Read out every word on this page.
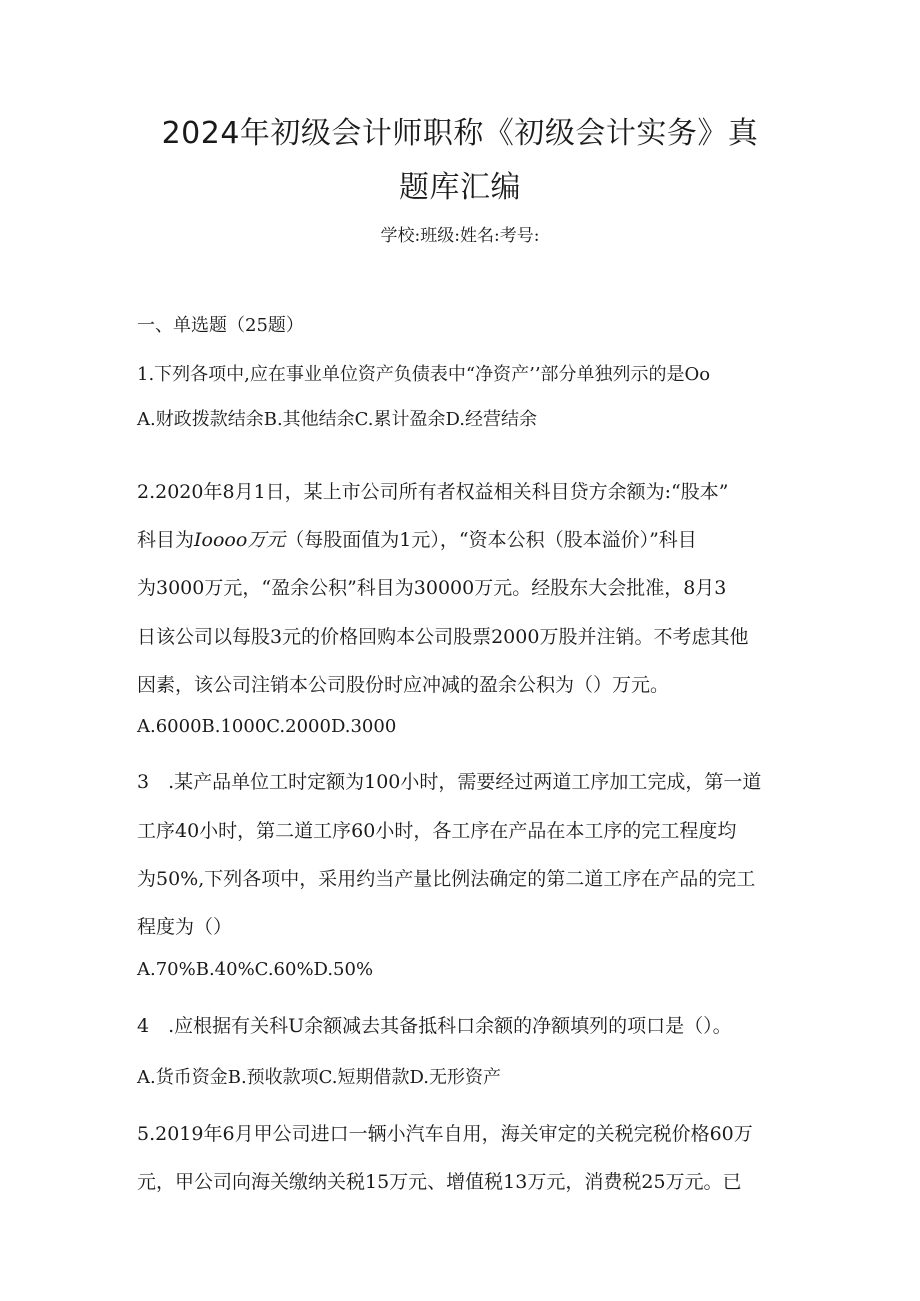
2024年初级会计师职称《初级会计实务》真
题库汇编
学校:班级:姓名:考号:
一、单选题（25题）
1.下列各项中,应在事业单位资产负债表中“净资产’’部分单独列示的是Oo
A.财政拨款结余B.其他结余C.累计盈余D.经营结余
2.2020年8月1日，某上市公司所有者权益相关科目贷方余额为:“股本”
科目为Ioooo万元（每股面值为1元），“资本公积（股本溢价）”科目
为3000万元，“盈余公积”科目为30000万元。经股东大会批准，8月3
日该公司以每股3元的价格回购本公司股票2000万股并注销。不考虑其他
因素，该公司注销本公司股份时应冲减的盈余公积为（）万元。
A.6000B.1000C.2000D.3000
3　.某产品单位工时定额为100小时，需要经过两道工序加工完成，第一道
工序40小时，第二道工序60小时，各工序在产品在本工序的完工程度均
为50%,下列各项中，采用约当产量比例法确定的第二道工序在产品的完工
程度为（）
A.70%B.40%C.60%D.50%
4　.应根据有关科U余额减去其备抵科口余额的净额填列的项口是（）。
A.货币资金B.预收款项C.短期借款D.无形资产
5.2019年6月甲公司进口一辆小汽车自用，海关审定的关税完税价格60万
元，甲公司向海关缴纳关税15万元、增值税13万元，消费税25万元。已
